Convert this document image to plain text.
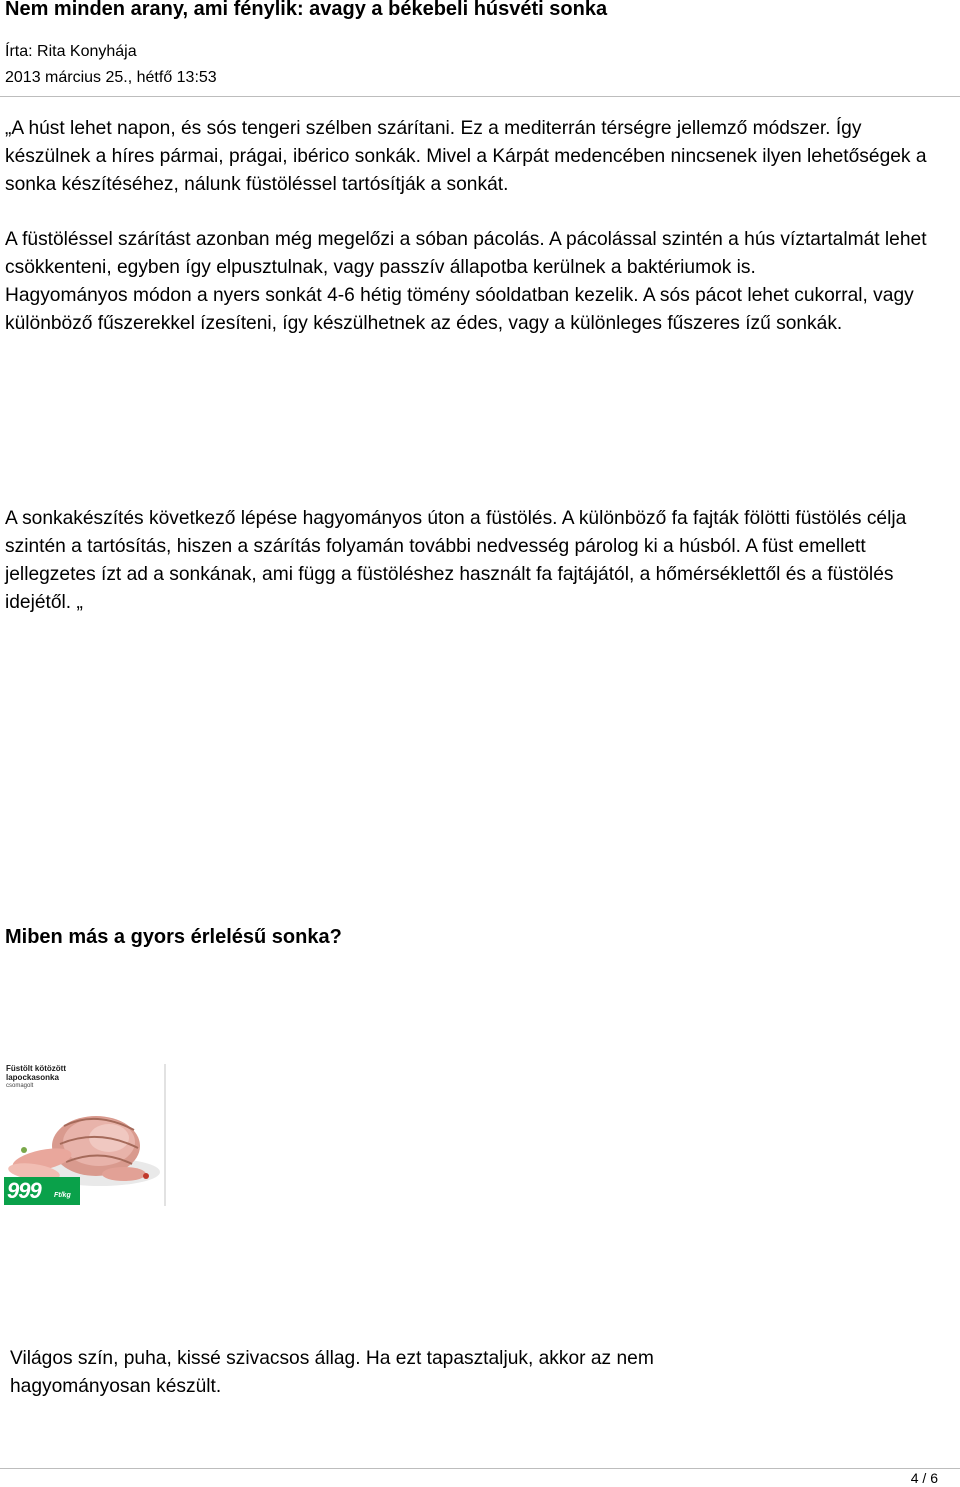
Nem minden arany, ami fénylik: avagy a békebeli húsvéti sonka
Írta: Rita Konyhája
2013 március 25., hétfő 13:53

„A húst lehet napon, és sós tengeri szélben szárítani. Ez a mediterrán térségre jellemző módszer. Így készülnek a híres pármai, prágai, ibérico sonkák. Mivel a Kárpát medencében nincsenek ilyen lehetőségek a sonka készítéséhez, nálunk füstöléssel tartósítják a sonkát.

A füstöléssel szárítást azonban még megelőzi a sóban pácolás. A pácolással szintén a hús víztartalmát lehet csökkenteni, egyben így elpusztulnak, vagy passzív állapotba kerülnek a baktériumok is.

Hagyományos módon a nyers sonkát 4-6 hétig tömény sóoldatban kezelik. A sós pácot lehet cukorral, vagy különböző fűszerekkel ízesíteni, így készülhetnek az édes, vagy a különleges fűszeres ízű sonkák.

A sonkakészítés következő lépése hagyományos úton a füstölés. A különböző fa fajták fölötti füstölés célja szintén a tartósítás, hiszen a szárítás folyamán további nedvesség párolog ki a húsból. A füst emellett jellegzetes ízt ad a sonkának, ami függ a füstöléshez használt fa fajtájától, a hőmérséklettől és a füstölés idejétől. „

Miben más a gyors érlelésű sonka?
Füstölt kötözött lapockasonka
csomagolt
999 Ft/kg

Világos szín, puha, kissé szivacsos állag. Ha ezt tapasztaljuk, akkor az nem hagyományosan készült.

4 / 6
